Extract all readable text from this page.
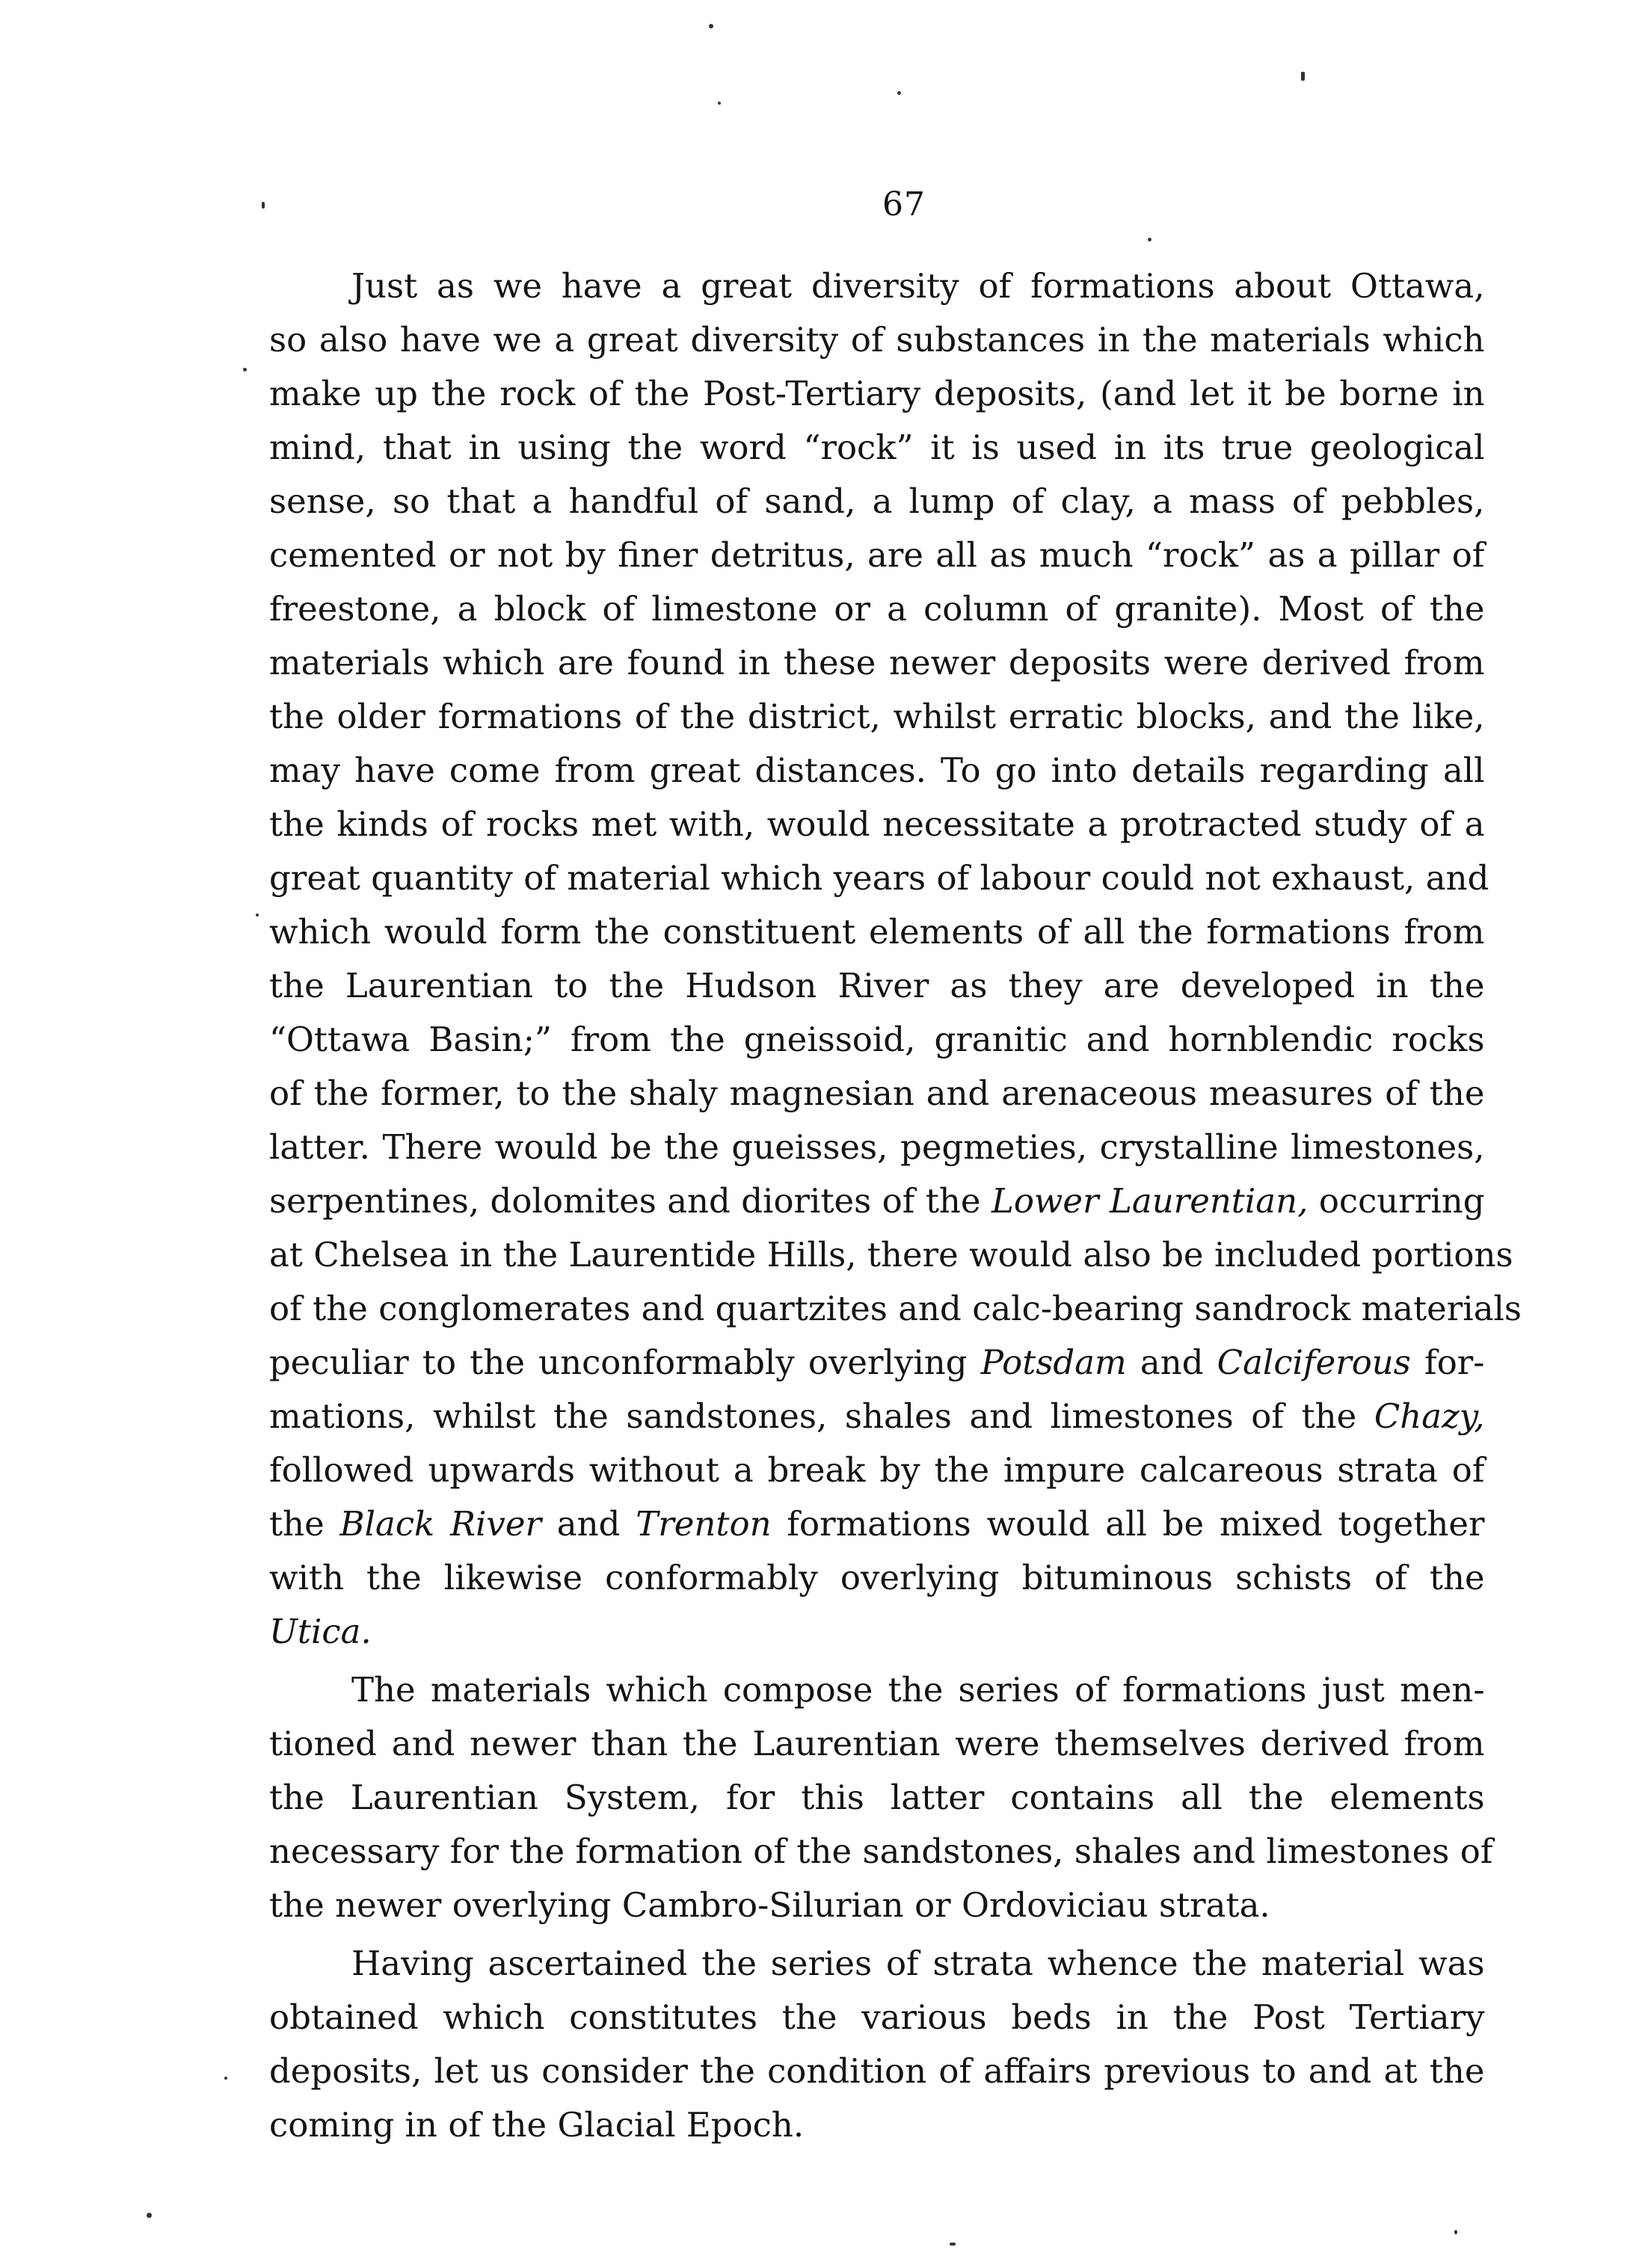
67
Just as we have a great diversity of formations about Ottawa,
so also have we a great diversity of substances in the materials which
make up the rock of the Post-Tertiary deposits, (and let it be borne in
mind, that in using the word “rock” it is used in its true geological
sense, so that a handful of sand, a lump of clay, a mass of pebbles,
cemented or not by finer detritus, are all as much “rock” as a pillar of
freestone, a block of limestone or a column of granite). Most of the
materials which are found in these newer deposits were derived from
the older formations of the district, whilst erratic blocks, and the like,
may have come from great distances. To go into details regarding all
the kinds of rocks met with, would necessitate a protracted study of a
great quantity of material which years of labour could not exhaust, and
which would form the constituent elements of all the formations from
the Laurentian to the Hudson River as they are developed in the
“Ottawa Basin;” from the gneissoid, granitic and hornblendic rocks
of the former, to the shaly magnesian and arenaceous measures of the
latter. There would be the gueisses, pegmeties, crystalline limestones,
serpentines, dolomites and diorites of the Lower Laurentian, occurring
at Chelsea in the Laurentide Hills, there would also be included portions
of the conglomerates and quartzites and calc-bearing sandrock materials
peculiar to the unconformably overlying Potsdam and Calciferous for-
mations, whilst the sandstones, shales and limestones of the Chazy,
followed upwards without a break by the impure calcareous strata of
the Black River and Trenton formations would all be mixed together
with the likewise conformably overlying bituminous schists of the
Utica.
The materials which compose the series of formations just men-
tioned and newer than the Laurentian were themselves derived from
the Laurentian System, for this latter contains all the elements
necessary for the formation of the sandstones, shales and limestones of
the newer overlying Cambro-Silurian or Ordoviciau strata.
Having ascertained the series of strata whence the material was
obtained which constitutes the various beds in the Post Tertiary
deposits, let us consider the condition of affairs previous to and at the
coming in of the Glacial Epoch.
